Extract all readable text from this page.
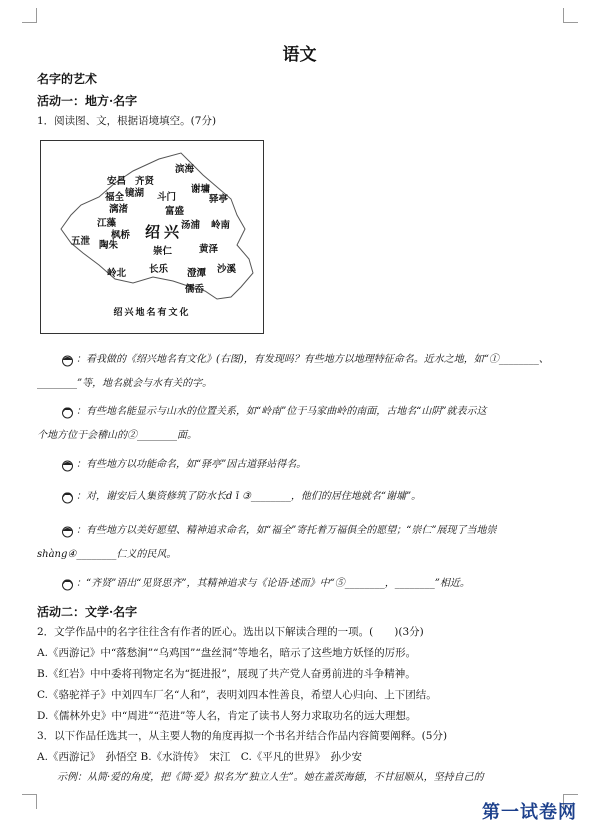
语文
名字的艺术
活动一：地方·名字
1．阅读图、文，根据语境填空。(7分)
滨海
安昌 齐贤
谢墉
福全 镜湖 斗门	驿亭
漓渚	富盛
江藻	汤浦 岭南
绍兴
枫桥
五泄 陶朱
崇仁	黄泽
长乐	沙溪
岭北	澄潭
儒岙
绍兴地名有文化
：看我做的《绍兴地名有文化》(右图)，有发现吗？有些地方以地理特征命名。近水之地，如“①________、
________”等，地名就会与水有关的字。
：有些地名能显示与山水的位置关系，如“岭南”位于马家曲岭的南面，古地名“山阴”就表示这
个地方位于会稽山的②________面。
：有些地方以功能命名，如“驿亭”因古道驿站得名。
：对，谢安后人集资修筑了防水长d ī ③________，他们的居住地就名“谢墉”。
：有些地方以美好愿望、精神追求命名，如“福全”寄托着万福俱全的愿望；“崇仁”展现了当地崇
shàng④________仁义的民风。
：“齐贤”语出“见贤思齐”，其精神追求与《论语·述而》中“⑤________，________”相近。
活动二：文学·名字
2．文学作品中的名字往往含有作者的匠心。选出以下解读合理的一项。(　　)(3分)
A.《西游记》中“落愁涧”“乌鸡国”“盘丝洞”等地名，暗示了这些地方妖怪的厉形。
B.《红岩》中中委将刊物定名为“挺进报”，展现了共产党人奋勇前进的斗争精神。
C.《骆驼祥子》中刘四车厂名“人和”，表明刘四本性善良，希望人心归向、上下团结。
D.《儒林外史》中“周进”“范进”等人名，肯定了读书人努力求取功名的远大理想。
3．以下作品任选其一，从主要人物的角度再拟一个书名并结合作品内容简要阐释。(5分)
A.《西游记》　孙悟空 B.《水浒传》　宋江　C.《平凡的世界》　孙少安
示例：从简·爱的角度，把《简·爱》拟名为“独立人生”。她在盖茨海德，不甘屈顺从，坚持自己的
第一试卷网
